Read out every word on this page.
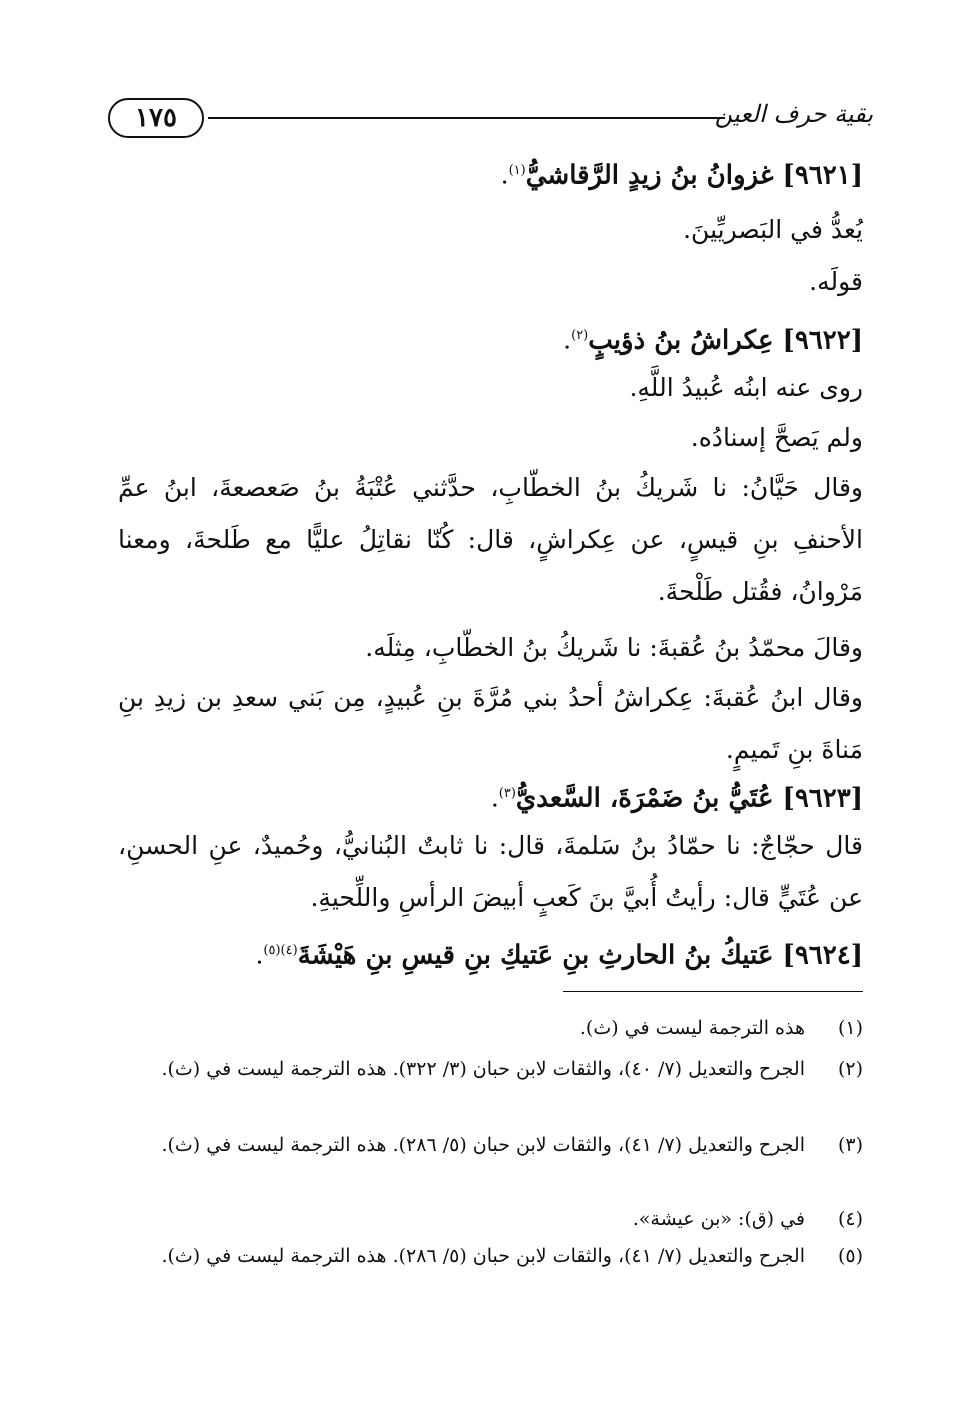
١٧٥	بقية حرف العين
[٩٦٢١] غزوانُ بنُ زيدٍ الرَّقاشيُّ$^{(١)}$.
يُعدُّ في البَصريِّينَ.
قولَه.
[٩٦٢٢] عِكراشُ بنُ ذؤيبٍ$^{(٢)}$.
روى عنه ابنُه عُبيدُ اللَّهِ.
ولم يَصحَّ إسنادُه.
وقال حَيَّانُ: نا شَريكُ بنُ الخطّابِ، حدَّثني عُتْبَةُ بنُ صَعصعةَ، ابنُ عمِّ الأحنفِ بنِ قيسٍ، عن عِكراشٍ، قال: كُنّا نقاتِلُ عليًّا مع طَلحةَ، ومعنا مَرْوانُ، فقُتل طَلْحةَ.
وقالَ محمّدُ بنُ عُقبةَ: نا شَريكُ بنُ الخطّابِ، مِثلَه.
وقال ابنُ عُقبةَ: عِكراشُ أحدُ بني مُرَّةَ بنِ عُبيدٍ، مِن بَني سعدِ بن زيدِ بنِ مَناةَ بنِ تَميمٍ.
[٩٦٢٣] عُتَيُّ بنُ ضَمْرَةَ، السَّعديُّ$^{(٣)}$.
قال حجّاجٌ: نا حمّادُ بنُ سَلمةَ، قال: نا ثابتٌ البُنانيُّ، وحُميدٌ، عنِ الحسنِ، عن عُتَيٍّ قال: رأيتُ أُبيَّ بنَ كَعبٍ أبيضَ الرأسِ واللِّحيةِ.
[٩٦٢٤] عَتيكُ بنُ الحارثِ بنِ عَتيكِ بنِ قيسِ بنِ هَيْشَةَ$^{(٤)(٥)}$.
(١)
هذه الترجمة ليست في (ث).
(٢)
الجرح والتعديل (٧/ ٤٠)، والثقات لابن حبان (٣/ ٣٢٢). هذه الترجمة ليست في (ث).
(٣)
الجرح والتعديل (٧/ ٤١)، والثقات لابن حبان (٥/ ٢٨٦). هذه الترجمة ليست في (ث).
(٤)
في (ق): «بن عيشة».
(٥)
الجرح والتعديل (٧/ ٤١)، والثقات لابن حبان (٥/ ٢٨٦). هذه الترجمة ليست في (ث).
